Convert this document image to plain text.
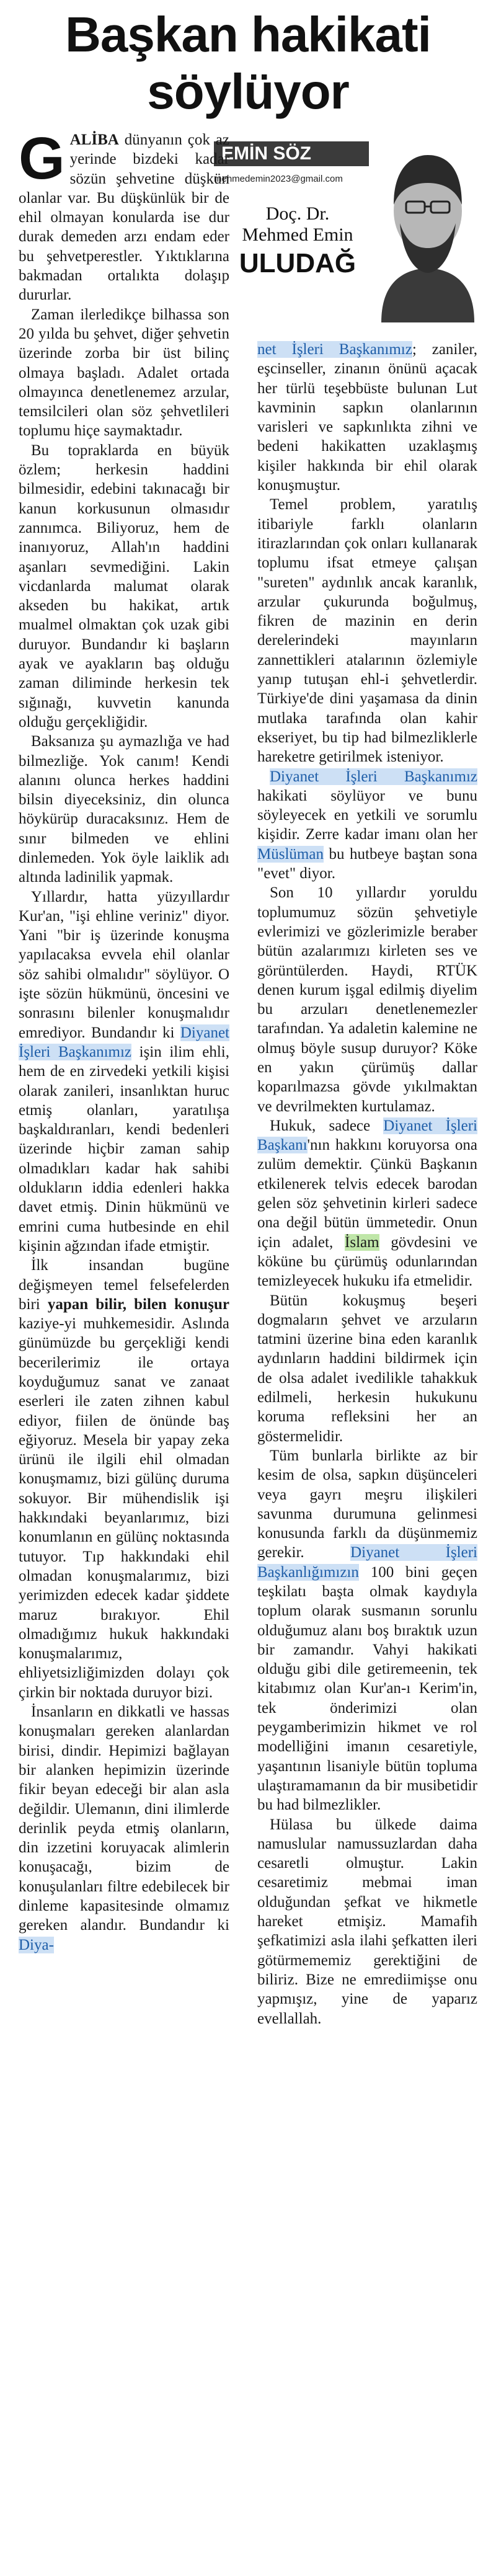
Başkan hakikati
söylüyor
EMİN SÖZ
mehmedemin2023@gmail.com
Doç. Dr.
Mehmed Emin
ULUDAĞ

GALİBA dünyanın çok az yerinde bizdeki kadar sözün şehvetine düşkün olanlar var. Bu düşkünlük bir de ehil olmayan konularda ise dur durak demeden arzı endam eder bu şehvetperestler. Yıktıklarına bakmadan ortalıkta dolaşıp dururlar.

Zaman ilerledikçe bilhassa son 20 yılda bu şehvet, diğer şehvetin üzerinde zorba bir üst bilinç olmaya başladı. Adalet ortada olmayınca denetlenemez arzular, temsilcileri olan söz şehvetlileri toplumu hiçe saymaktadır.

Bu topraklarda en büyük özlem; herkesin haddini bilmesidir, edebini takınacağı bir kanun korkusunun olmasıdır zannımca. Biliyoruz, hem de inanıyoruz, Allah'ın haddini aşanları sevmediğini. Lakin vicdanlarda malumat olarak akseden bu hakikat, artık mualmel olmaktan çok uzak gibi duruyor. Bundandır ki başların ayak ve ayakların baş olduğu zaman diliminde herkesin tek sığınağı, kuvvetin kanunda olduğu gerçekliğidir.

Baksanıza şu aymazlığa ve had bilmezliğe. Yok canım! Kendi alanını olunca herkes haddini bilsin diyeceksiniz, din olunca höykürüp duracaksınız. Hem de sınır bilmeden ve ehlini dinlemeden. Yok öyle laiklik adı altında ladinilik yapmak.

Yıllardır, hatta yüzyıllardır Kur'an, "işi ehline veriniz" diyor. Yani "bir iş üzerinde konuşma yapılacaksa evvela ehil olanlar söz sahibi olmalıdır" söylüyor. O işte sözün hükmünü, öncesini ve sonrasını bilenler konuşmalıdır emrediyor. Bundandır ki Diyanet İşleri Başkanımız işin ilim ehli, hem de en zirvedeki yetkili kişisi olarak zanileri, insanlıktan huruc etmiş olanları, yaratılışa başkaldıranları, kendi bedenleri üzerinde hiçbir zaman sahip olmadıkları kadar hak sahibi oldukların iddia edenleri hakka davet etmiş. Dinin hükmünü ve emrini cuma hutbesinde en ehil kişinin ağzından ifade etmiştir.

İlk insandan bugüne değişmeyen temel felsefelerden biri yapan bilir, bilen konuşur kaziye-yi muhkemesidir. Aslında günümüzde bu gerçekliği kendi becerilerimiz ile ortaya koyduğumuz sanat ve zanaat eserleri ile zaten zihnen kabul ediyor, fiilen de önünde baş eğiyoruz. Mesela bir yapay zeka ürünü ile ilgili ehil olmadan konuşmamız, bizi gülünç duruma sokuyor. Bir mühendislik işi hakkındaki beyanlarımız, bizi konumlanın en gülünç noktasında tutuyor. Tıp hakkındaki ehil olmadan konuşmalarımız, bizi yerimizden edecek kadar şiddete maruz bırakıyor. Ehil olmadığımız hukuk hakkındaki konuşmalarımız, ehliyetsizliğimizden dolayı çok çirkin bir noktada duruyor bizi.

İnsanların en dikkatli ve hassas konuşmaları gereken alanlardan birisi, dindir. Hepimizi bağlayan bir alanken hepimizin üzerinde fikir beyan edeceği bir alan asla değildir. Ulemanın, dini ilimlerde derinlik peyda etmiş olanların, din izzetini koruyacak alimlerin konuşacağı, bizim de konuşulanları filtre edebilecek bir dinleme kapasitesinde olmamız gereken alandır. Bundandır ki Diya-

net İşleri Başkanımız; zaniler, eşcinseller, zinanın önünü açacak her türlü teşebbüste bulunan Lut kavminin sapkın olanlarının varisleri ve sapkınlıkta zihni ve bedeni hakikatten uzaklaşmış kişiler hakkında bir ehil olarak konuşmuştur.

Temel problem, yaratılış itibariyle farklı olanların itirazlarından çok onları kullanarak toplumu ifsat etmeye çalışan "sureten" aydınlık ancak karanlık, arzular çukurunda boğulmuş, fikren de mazinin en derin derelerindeki mayınların zannettikleri atalarının özlemiyle yanıp tutuşan ehl-i şehvetlerdir. Türkiye'de dini yaşamasa da dinin mutlaka tarafında olan kahir ekseriyet, bu tip had bilmezliklerle hareketre getirilmek isteniyor.

Diyanet İşleri Başkanımız hakikati söylüyor ve bunu söyleyecek en yetkili ve sorumlu kişidir. Zerre kadar imanı olan her Müslüman bu hutbeye baştan sona "evet" diyor.

Son 10 yıllardır yoruldu toplumumuz sözün şehvetiyle evlerimizi ve gözlerimizle beraber bütün azalarımızı kirleten ses ve görüntülerden. Haydi, RTÜK denen kurum işgal edilmiş diyelim bu arzuları denetlenemezler tarafından. Ya adaletin kalemine ne olmuş böyle susup duruyor? Köke en yakın çürümüş dallar koparılmazsa gövde yıkılmaktan ve devrilmekten kurtulamaz.

Hukuk, sadece Diyanet İşleri Başkanı'nın hakkını koruyorsa ona zulüm demektir. Çünkü Başkanın etkilenerek telvis edecek barodan gelen söz şehvetinin kirleri sadece ona değil bütün ümmetedir. Onun için adalet, İslam gövdesini ve köküne bu çürümüş odunlarından temizleyecek hukuku ifa etmelidir.

Bütün kokuşmuş beşeri dogmaların şehvet ve arzuların tatmini üzerine bina eden karanlık aydınların haddini bildirmek için de olsa adalet ivedilikle tahakkuk edilmeli, herkesin hukukunu koruma refleksini her an göstermelidir.

Tüm bunlarla birlikte az bir kesim de olsa, sapkın düşünceleri veya gayrı meşru ilişkileri savunma durumuna gelinmesi konusunda farklı da düşünmemiz gerekir. Diyanet İşleri Başkanlığımızın 100 bini geçen teşkilatı başta olmak kaydıyla toplum olarak susmanın sorunlu olduğumuz alanı boş bıraktık uzun bir zamandır. Vahyi hakikati olduğu gibi dile getiremeenin, tek kitabımız olan Kur'an-ı Kerim'in, tek önderimizi olan peygamberimizin hikmet ve rol modelliğini imanın cesaretiyle, yaşantının lisaniyle bütün topluma ulaştıramamanın da bir musibetidir bu had bilmezlikler.

Hülasa bu ülkede daima namuslular namussuzlardan daha cesaretli olmuştur. Lakin cesaretimiz mebmai iman olduğundan şefkat ve hikmetle hareket etmişiz. Mamafih şefkatimizi asla ilahi şefkatten ileri götürmememiz gerektiğini de biliriz. Bize ne emrediimişse onu yapmışız, yine de yaparız evellallah.
